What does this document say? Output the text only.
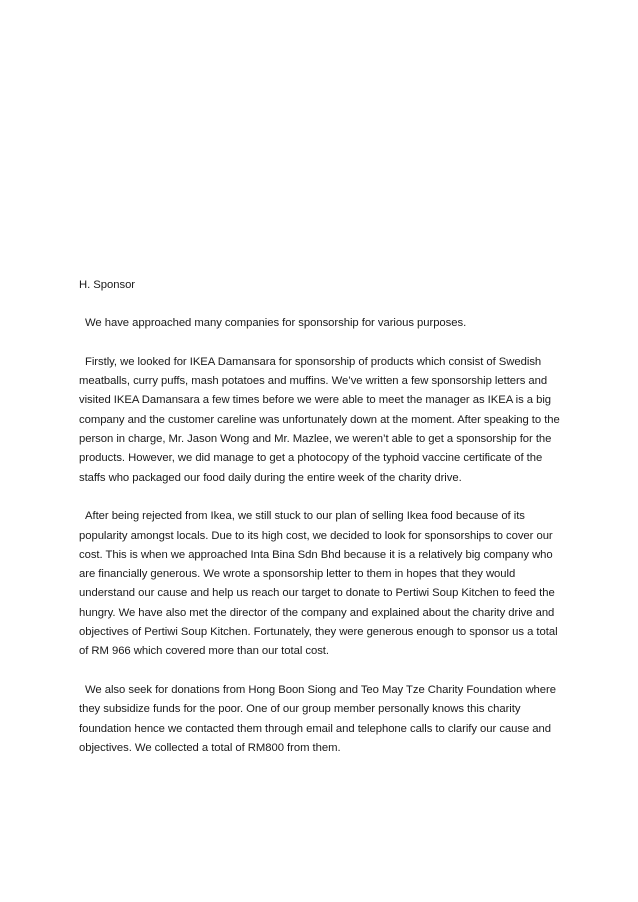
H. Sponsor

We have approached many companies for sponsorship for various purposes.

Firstly, we looked for IKEA Damansara for sponsorship of products which consist of Swedish meatballs, curry puffs, mash potatoes and muffins. We’ve written a few sponsorship letters and visited IKEA Damansara a few times before we were able to meet the manager as IKEA is a big company and the customer careline was unfortunately down at the moment. After speaking to the person in charge, Mr. Jason Wong and Mr. Mazlee, we weren’t able to get a sponsorship for the products. However, we did manage to get a photocopy of the typhoid vaccine certificate of the staffs who packaged our food daily during the entire week of the charity drive.

After being rejected from Ikea, we still stuck to our plan of selling Ikea food because of its popularity amongst locals. Due to its high cost, we decided to look for sponsorships to cover our cost. This is when we approached Inta Bina Sdn Bhd because it is a relatively big company who are financially generous. We wrote a sponsorship letter to them in hopes that they would understand our cause and help us reach our target to donate to Pertiwi Soup Kitchen to feed the hungry. We have also met the director of the company and explained about the charity drive and objectives of Pertiwi Soup Kitchen. Fortunately, they were generous enough to sponsor us a total of RM 966 which covered more than our total cost.

We also seek for donations from Hong Boon Siong and Teo May Tze Charity Foundation where they subsidize funds for the poor. One of our group member personally knows this charity foundation hence we contacted them through email and telephone calls to clarify our cause and objectives. We collected a total of RM800 from them.
